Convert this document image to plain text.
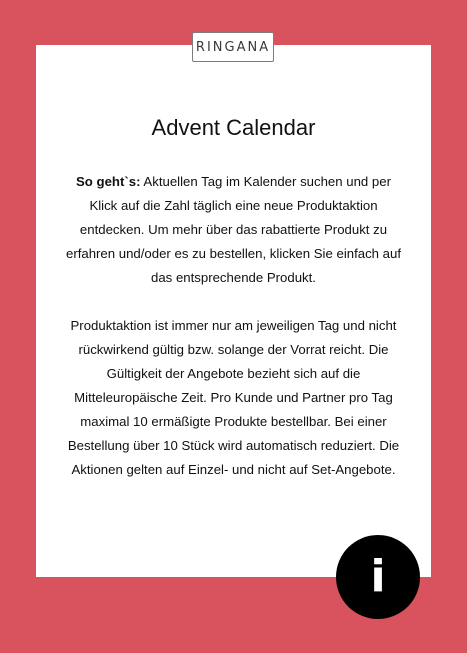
RINGANA
Advent Calendar

So geht`s: Aktuellen Tag im Kalender suchen und per Klick auf die Zahl täglich eine neue Produktaktion entdecken. Um mehr über das rabattierte Produkt zu erfahren und/oder es zu bestellen, klicken Sie einfach auf das entsprechende Produkt.

Produktaktion ist immer nur am jeweiligen Tag und nicht rückwirkend gültig bzw. solange der Vorrat reicht. Die Gültigkeit der Angebote bezieht sich auf die Mitteleuropäische Zeit. Pro Kunde und Partner pro Tag maximal 10 ermäßigte Produkte bestellbar. Bei einer Bestellung über 10 Stück wird automatisch reduziert. Die Aktionen gelten auf Einzel- und nicht auf Set-Angebote.

i
